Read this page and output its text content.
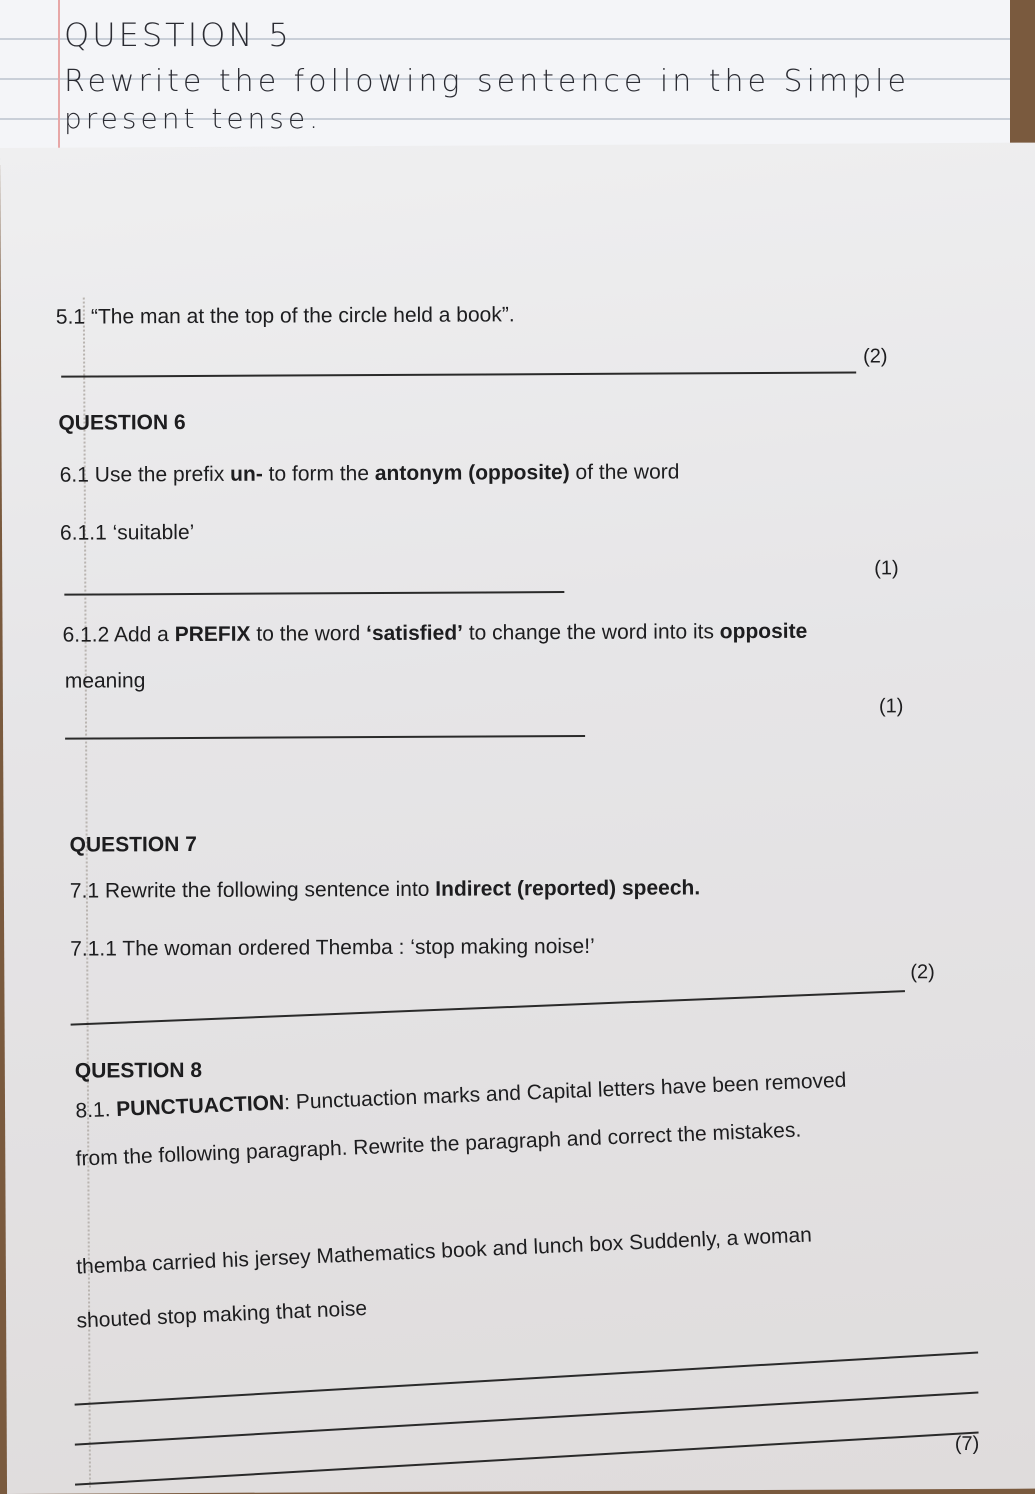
QUESTION 5
Rewrite the following sentence in the Simple
present tense.
5.1 “The man at the top of the circle held a book”.
(2)
QUESTION 6
6.1 Use the prefix un- to form the antonym (opposite) of the word
6.1.1 ‘suitable’
(1)
6.1.2 Add a PREFIX to the word ‘satisfied’ to change the word into its opposite
meaning
(1)
QUESTION 7
7.1 Rewrite the following sentence into Indirect (reported) speech.
7.1.1 The woman ordered Themba : ‘stop making noise!’
(2)
QUESTION 8
8.1. PUNCTUACTION: Punctuaction marks and Capital letters have been removed
from the following paragraph. Rewrite the paragraph and correct the mistakes.
themba carried his jersey Mathematics book and lunch box Suddenly, a woman
shouted stop making that noise
(7)
